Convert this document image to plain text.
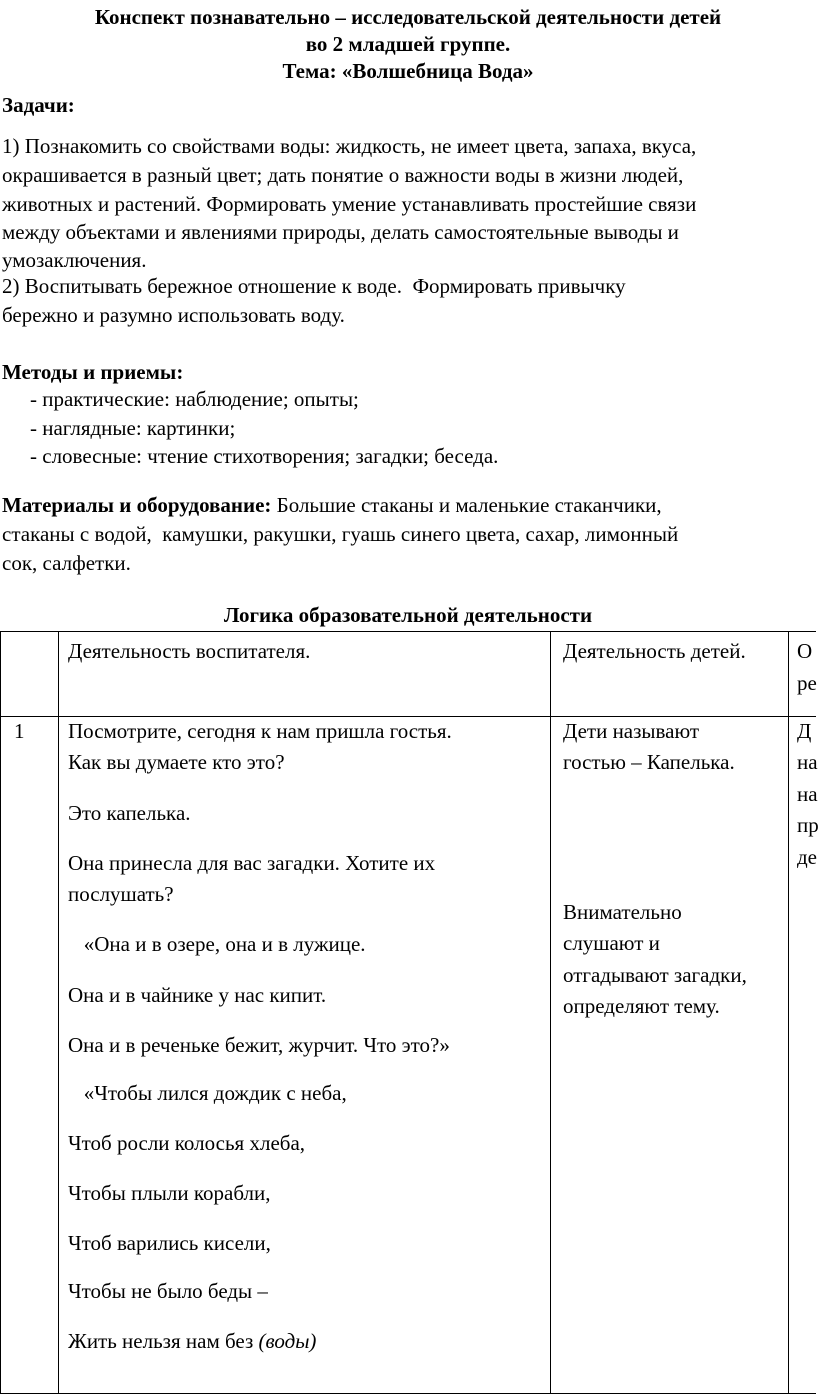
Конспект познавательно – исследовательской деятельности детей
во 2 младшей группе.
Тема: «Волшебница Вода»
Задачи:
1) Познакомить со свойствами воды: жидкость, не имеет цвета, запаха, вкуса,
окрашивается в разный цвет; дать понятие о важности воды в жизни людей,
животных и растений. Формировать умение устанавливать простейшие связи
между объектами и явлениями природы, делать самостоятельные выводы и
умозаключения.
2) Воспитывать бережное отношение к воде.  Формировать привычку
бережно и разумно использовать воду.
Методы и приемы:
- практические: наблюдение; опыты;
- наглядные: картинки;
- словесные: чтение стихотворения; загадки; беседа.
Материалы и оборудование: Большие стаканы и маленькие стаканчики,
стаканы с водой,  камушки, ракушки, гуашь синего цвета, сахар, лимонный
сок, салфетки.
Логика образовательной деятельности
Деятельность воспитателя.	Деятельность детей. О
ре
1 Посмотрите, сегодня к нам пришла гостья.
Как вы думаете кто это?
Это капелька.
Она принесла для вас загадки. Хотите их
послушать?
«Она и в озере, она и в лужице.
Она и в чайнике у нас кипит.
Она и в реченьке бежит, журчит. Что это?»
«Чтобы лился дождик с неба,
Чтоб росли колосья хлеба,
Чтобы плыли корабли,
Чтоб варились кисели,
Чтобы не было беды –
Жить нельзя нам без (воды)
Дети называют
гостью – Капелька.
Внимательно
слушают и
отгадывают загадки,
определяют тему.
Д
на
на
пр
де
